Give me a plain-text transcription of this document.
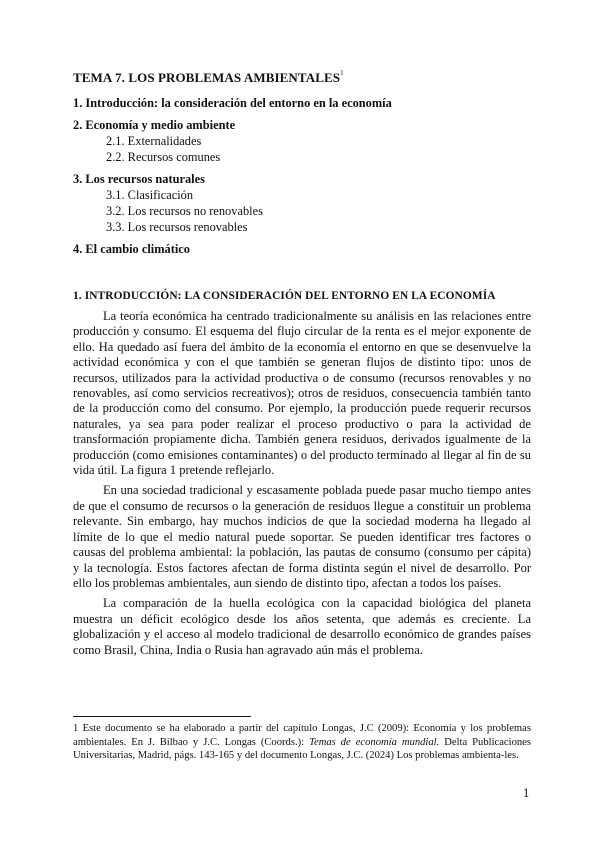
TEMA 7. LOS PROBLEMAS AMBIENTALES$^1$
1. Introducción: la consideración del entorno en la economía
2. Economía y medio ambiente
2.1. Externalidades
2.2. Recursos comunes
3. Los recursos naturales
3.1. Clasificación
3.2. Los recursos no renovables
3.3. Los recursos renovables
4. El cambio climático
1. INTRODUCCIÓN: LA CONSIDERACIÓN DEL ENTORNO EN LA ECONOMÍA

La teoría económica ha centrado tradicionalmente su análisis en las relaciones entre producción y consumo. El esquema del flujo circular de la renta es el mejor exponente de ello. Ha quedado así fuera del ámbito de la economía el entorno en que se desenvuelve la actividad económica y con el que también se generan flujos de distinto tipo: unos de recursos, utilizados para la actividad productiva o de consumo (recursos renovables y no renovables, así como servicios recreativos); otros de residuos, consecuencia también tanto de la producción como del consumo. Por ejemplo, la producción puede requerir recursos naturales, ya sea para poder realizar el proceso productivo o para la actividad de transformación propiamente dicha. También genera residuos, derivados igualmente de la producción (como emisiones contaminantes) o del producto terminado al llegar al fin de su vida útil. La figura 1 pretende reflejarlo.

En una sociedad tradicional y escasamente poblada puede pasar mucho tiempo antes de que el consumo de recursos o la generación de residuos llegue a constituir un problema relevante. Sin embargo, hay muchos indicios de que la sociedad moderna ha llegado al límite de lo que el medio natural puede soportar. Se pueden identificar tres factores o causas del problema ambiental: la población, las pautas de consumo (consumo per cápita) y la tecnología. Estos factores afectan de forma distinta según el nivel de desarrollo. Por ello los problemas ambientales, aun siendo de distinto tipo, afectan a todos los países.

La comparación de la huella ecológica con la capacidad biológica del planeta muestra un déficit ecológico desde los años setenta, que además es creciente. La globalización y el acceso al modelo tradicional de desarrollo económico de grandes países como Brasil, China, India o Rusia han agravado aún más el problema.

1 Este documento se ha elaborado a partir del capítulo Longas, J.C (2009): Economía y los problemas ambientales. En J. Bilbao y J.C. Longas (Coords.): Temas de economía mundial. Delta Publicaciones Universitarias, Madrid, págs. 143-165 y del documento Longas, J.C. (2024) Los problemas ambienta-les.
1
